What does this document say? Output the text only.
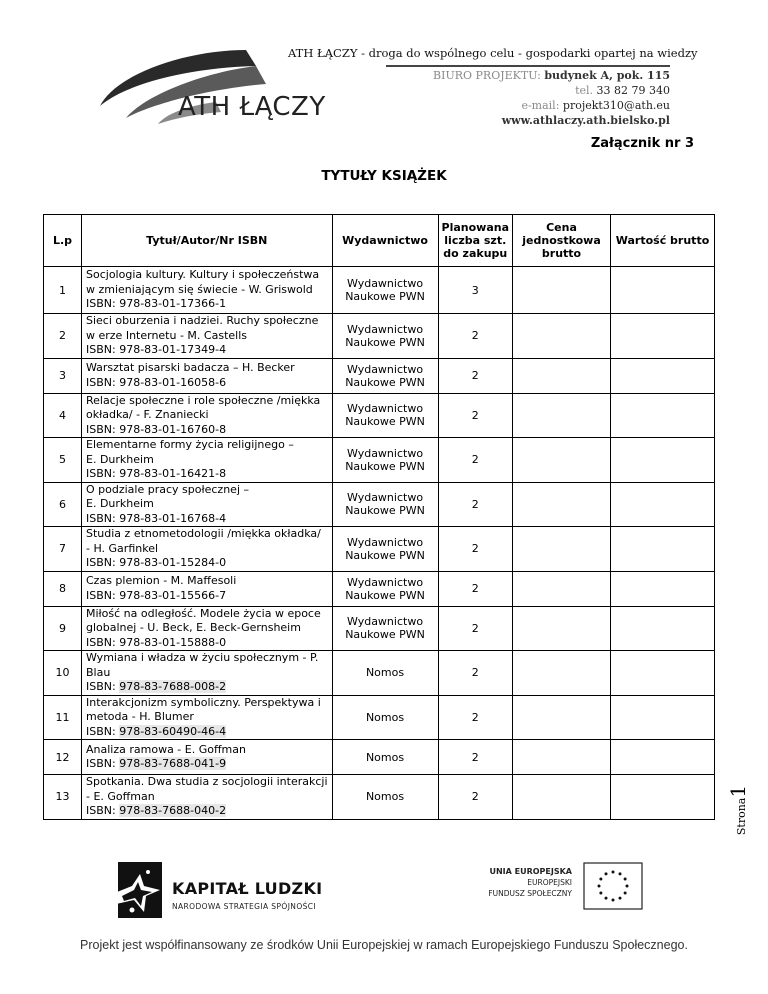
ATH ŁĄCZY - droga do wspólnego celu - gospodarki opartej na wiedzy
BIURO PROJEKTU: budynek A, pok. 115
tel. 33 82 79 340
e-mail: projekt310@ath.eu
www.athlaczy.ath.bielsko.pl
ATH ŁĄCZY
Załącznik nr 3
TYTUŁY KSIĄŻEK
L.p	Tytuł/Autor/Nr ISBN	Wydawnictwo	Planowana liczba szt. do zakupu	Cena jednostkowa brutto	Wartość brutto
1	Socjologia kultury. Kultury i społeczeństwa
w zmieniającym się świecie - W. Griswold
ISBN: 978-83-01-17366-1	Wydawnictwo Naukowe PWN	3		
2	Sieci oburzenia i nadziei. Ruchy społeczne
w erze Internetu - M. Castells
ISBN: 978-83-01-17349-4	Wydawnictwo Naukowe PWN	2		
3	Warsztat pisarski badacza – H. Becker
ISBN: 978-83-01-16058-6	Wydawnictwo Naukowe PWN	2		
4	Relacje społeczne i role społeczne /miękka
okładka/ - F. Znaniecki
ISBN: 978-83-01-16760-8	Wydawnictwo Naukowe PWN	2		
5	Elementarne formy życia religijnego –
E. Durkheim
ISBN: 978-83-01-16421-8	Wydawnictwo Naukowe PWN	2		
6	O podziale pracy społecznej –
E. Durkheim
ISBN: 978-83-01-16768-4	Wydawnictwo Naukowe PWN	2		
7	Studia z etnometodologii /miękka okładka/
- H. Garfinkel
ISBN: 978-83-01-15284-0	Wydawnictwo Naukowe PWN	2		
8	Czas plemion - M. Maffesoli
ISBN: 978-83-01-15566-7	Wydawnictwo Naukowe PWN	2		
9	Miłość na odległość. Modele życia w epoce
globalnej - U. Beck, E. Beck-Gernsheim
ISBN: 978-83-01-15888-0	Wydawnictwo Naukowe PWN	2		
10	Wymiana i władza w życiu społecznym - P.
Blau
ISBN: 978-83-7688-008-2	Nomos	2		
11	Interakcjonizm symboliczny. Perspektywa i
metoda - H. Blumer
ISBN: 978-83-60490-46-4	Nomos	2		
12	Analiza ramowa - E. Goffman
ISBN: 978-83-7688-041-9	Nomos	2		
13	Spotkania. Dwa studia z socjologii interakcji
- E. Goffman
ISBN: 978-83-7688-040-2	Nomos	2		
Strona1
KAPITAŁ LUDZKI
NARODOWA STRATEGIA SPÓJNOŚCI
UNIA EUROPEJSKA
EUROPEJSKI
FUNDUSZ SPOŁECZNY
Projekt jest współfinansowany ze środków Unii Europejskiej w ramach Europejskiego Funduszu Społecznego.
